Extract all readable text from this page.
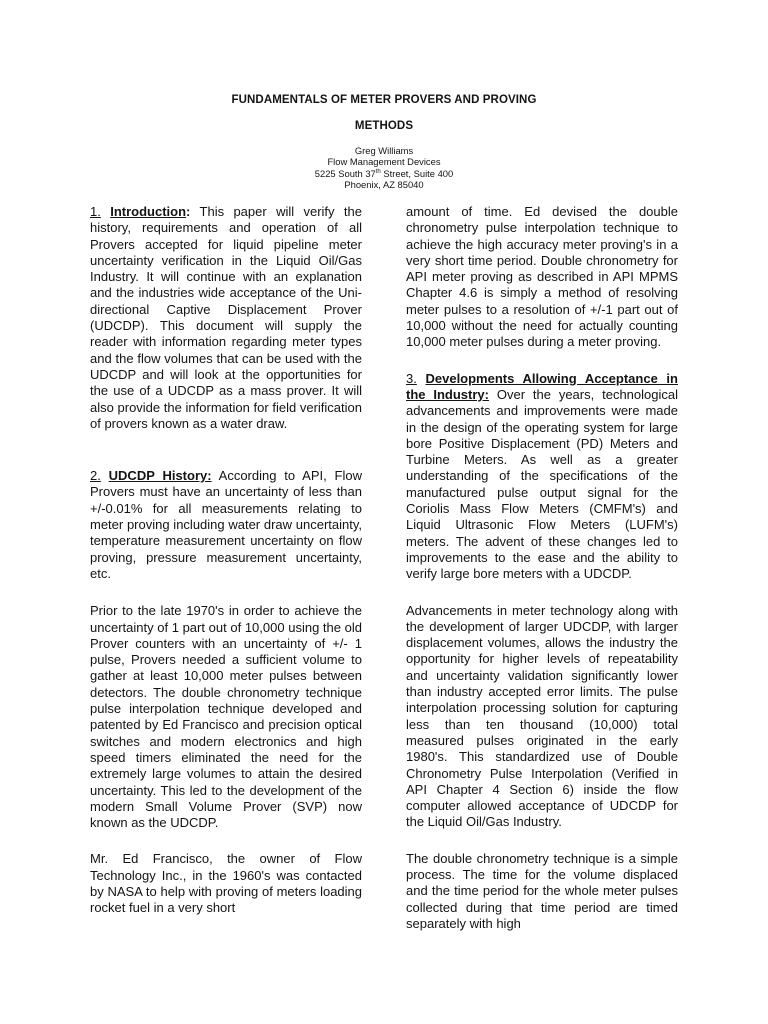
FUNDAMENTALS OF METER PROVERS AND PROVING
METHODS
Greg Williams
Flow Management Devices
5225 South 37th Street, Suite 400
Phoenix, AZ 85040

1. Introduction: This paper will verify the history, requirements and operation of all Provers accepted for liquid pipeline meter uncertainty verification in the Liquid Oil/Gas Industry. It will continue with an explanation and the industries wide acceptance of the Uni-directional Captive Displacement Prover (UDCDP). This document will supply the reader with information regarding meter types and the flow volumes that can be used with the UDCDP and will look at the opportunities for the use of a UDCDP as a mass prover. It will also provide the information for field verification of provers known as a water draw.

2. UDCDP History: According to API, Flow Provers must have an uncertainty of less than +/-0.01% for all measurements relating to meter proving including water draw uncertainty, temperature measurement uncertainty on flow proving, pressure measurement uncertainty, etc.

Prior to the late 1970's in order to achieve the uncertainty of 1 part out of 10,000 using the old Prover counters with an uncertainty of +/- 1 pulse, Provers needed a sufficient volume to gather at least 10,000 meter pulses between detectors. The double chronometry technique pulse interpolation technique developed and patented by Ed Francisco and precision optical switches and modern electronics and high speed timers eliminated the need for the extremely large volumes to attain the desired uncertainty. This led to the development of the modern Small Volume Prover (SVP) now known as the UDCDP.

Mr. Ed Francisco, the owner of Flow Technology Inc., in the 1960's was contacted by NASA to help with proving of meters loading rocket fuel in a very short

amount of time. Ed devised the double chronometry pulse interpolation technique to achieve the high accuracy meter proving's in a very short time period. Double chronometry for API meter proving as described in API MPMS Chapter 4.6 is simply a method of resolving meter pulses to a resolution of +/-1 part out of 10,000 without the need for actually counting 10,000 meter pulses during a meter proving.

3. Developments Allowing Acceptance in the Industry: Over the years, technological advancements and improvements were made in the design of the operating system for large bore Positive Displacement (PD) Meters and Turbine Meters. As well as a greater understanding of the specifications of the manufactured pulse output signal for the Coriolis Mass Flow Meters (CMFM's) and Liquid Ultrasonic Flow Meters (LUFM's) meters. The advent of these changes led to improvements to the ease and the ability to verify large bore meters with a UDCDP.

Advancements in meter technology along with the development of larger UDCDP, with larger displacement volumes, allows the industry the opportunity for higher levels of repeatability and uncertainty validation significantly lower than industry accepted error limits. The pulse interpolation processing solution for capturing less than ten thousand (10,000) total measured pulses originated in the early 1980's. This standardized use of Double Chronometry Pulse Interpolation (Verified in API Chapter 4 Section 6) inside the flow computer allowed acceptance of UDCDP for the Liquid Oil/Gas Industry.

The double chronometry technique is a simple process. The time for the volume displaced and the time period for the whole meter pulses collected during that time period are timed separately with high
